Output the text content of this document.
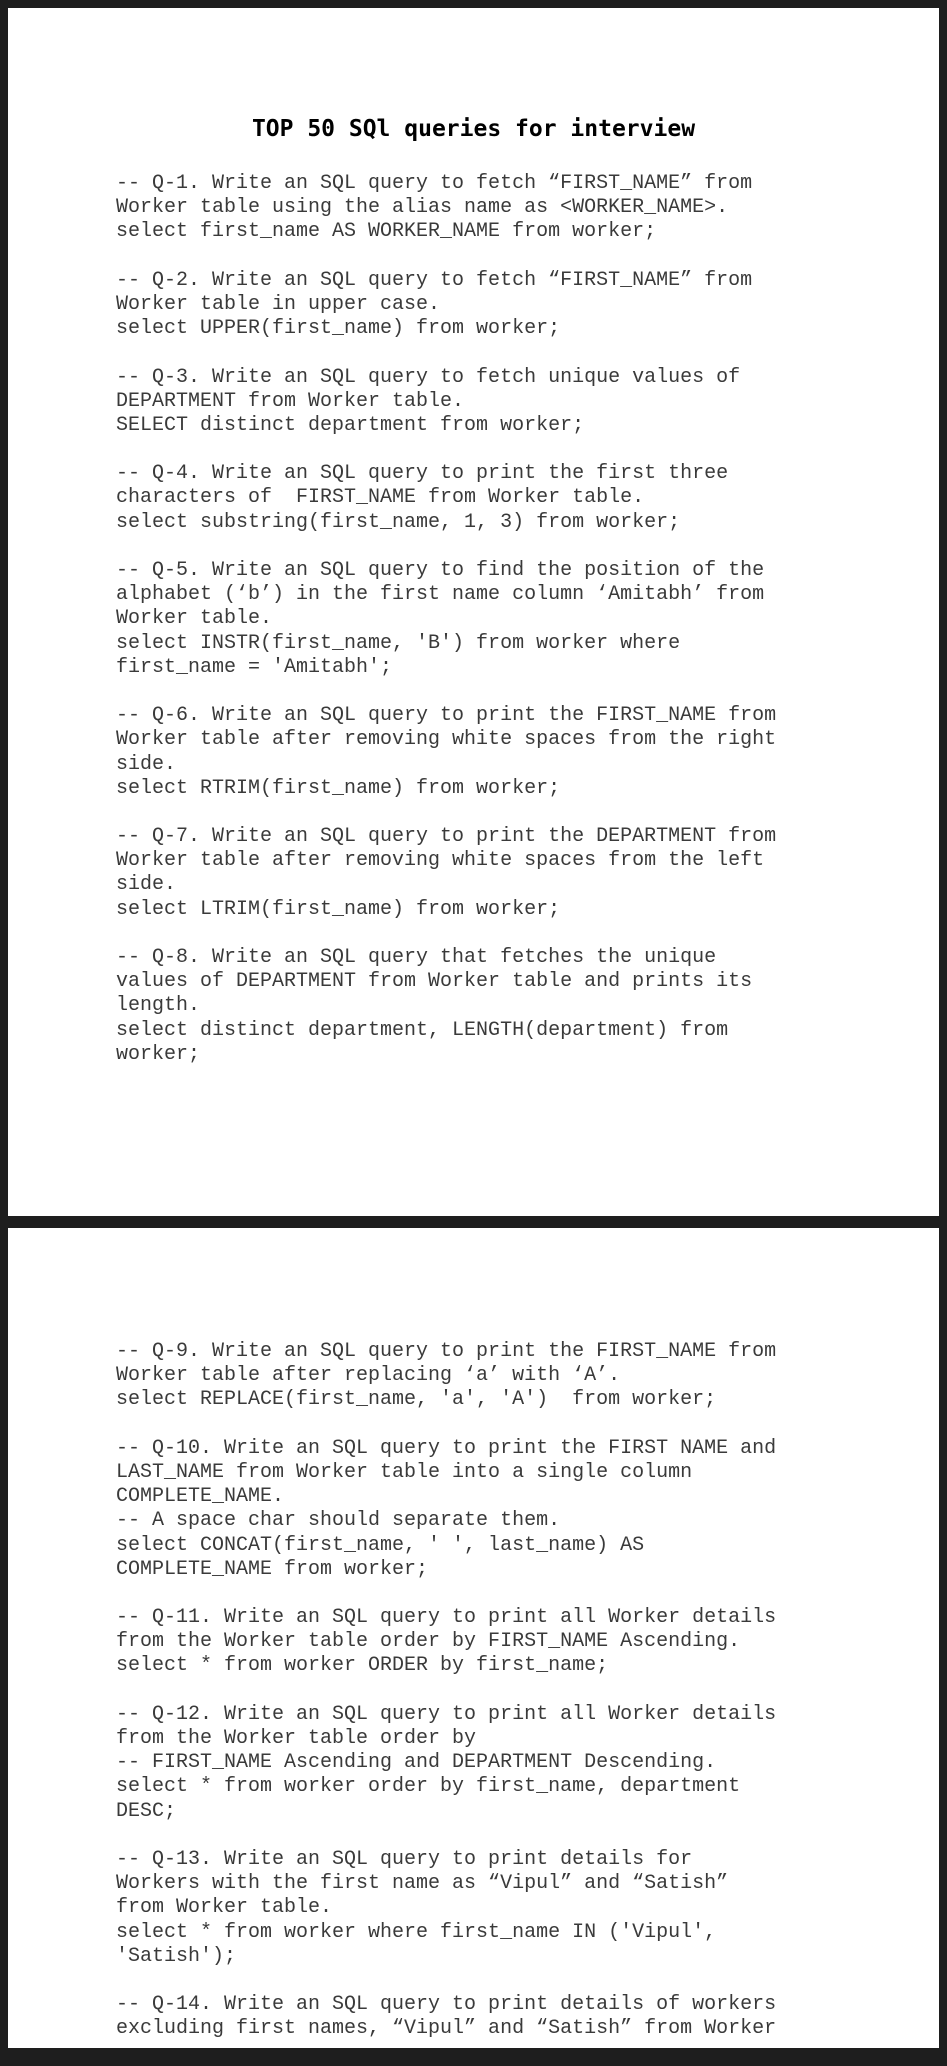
TOP 50 SQl queries for interview
-- Q-1. Write an SQL query to fetch “FIRST_NAME” from
Worker table using the alias name as <WORKER_NAME>.
select first_name AS WORKER_NAME from worker;
-- Q-2. Write an SQL query to fetch “FIRST_NAME” from
Worker table in upper case.
select UPPER(first_name) from worker;
-- Q-3. Write an SQL query to fetch unique values of
DEPARTMENT from Worker table.
SELECT distinct department from worker;
-- Q-4. Write an SQL query to print the first three
characters of  FIRST_NAME from Worker table.
select substring(first_name, 1, 3) from worker;
-- Q-5. Write an SQL query to find the position of the
alphabet (‘b’) in the first name column ‘Amitabh’ from
Worker table.
select INSTR(first_name, 'B') from worker where
first_name = 'Amitabh';
-- Q-6. Write an SQL query to print the FIRST_NAME from
Worker table after removing white spaces from the right
side.
select RTRIM(first_name) from worker;
-- Q-7. Write an SQL query to print the DEPARTMENT from
Worker table after removing white spaces from the left
side.
select LTRIM(first_name) from worker;
-- Q-8. Write an SQL query that fetches the unique
values of DEPARTMENT from Worker table and prints its
length.
select distinct department, LENGTH(department) from
worker;
-- Q-9. Write an SQL query to print the FIRST_NAME from
Worker table after replacing ‘a’ with ‘A’.
select REPLACE(first_name, 'a', 'A')  from worker;
-- Q-10. Write an SQL query to print the FIRST NAME and
LAST_NAME from Worker table into a single column
COMPLETE_NAME.
-- A space char should separate them.
select CONCAT(first_name, ' ', last_name) AS
COMPLETE_NAME from worker;
-- Q-11. Write an SQL query to print all Worker details
from the Worker table order by FIRST_NAME Ascending.
select * from worker ORDER by first_name;
-- Q-12. Write an SQL query to print all Worker details
from the Worker table order by
-- FIRST_NAME Ascending and DEPARTMENT Descending.
select * from worker order by first_name, department
DESC;
-- Q-13. Write an SQL query to print details for
Workers with the first name as “Vipul” and “Satish”
from Worker table.
select * from worker where first_name IN ('Vipul',
'Satish');
-- Q-14. Write an SQL query to print details of workers
excluding first names, “Vipul” and “Satish” from Worker
